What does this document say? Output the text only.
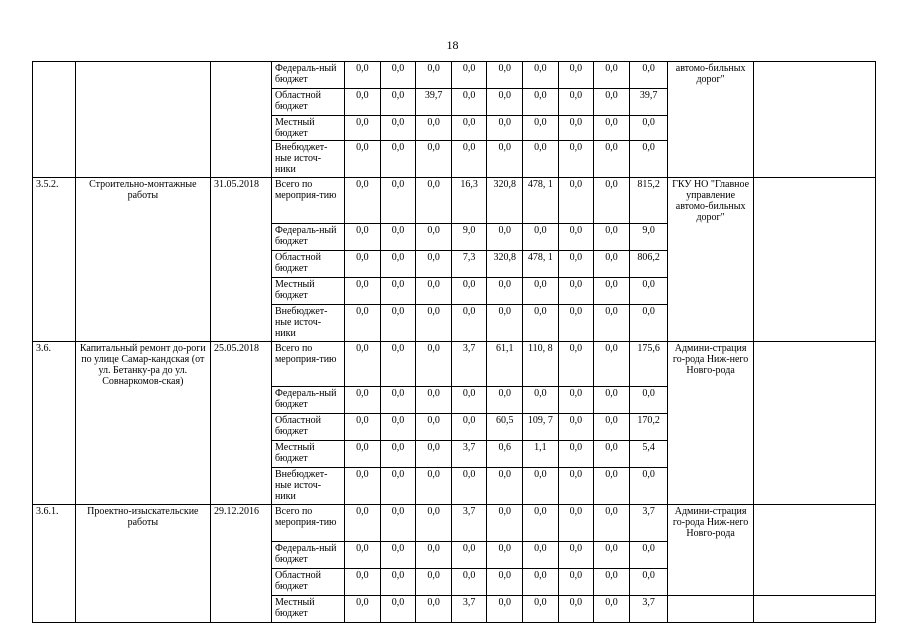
18
			Федераль-ный бюджет	0,0	0,0	0,0	0,0	0,0	0,0	0,0	0,0	0,0	автомо-бильных дорог"	
			Областной бюджет	0,0	0,0	39,7	0,0	0,0	0,0	0,0	0,0	39,7		
			Местный бюджет	0,0	0,0	0,0	0,0	0,0	0,0	0,0	0,0	0,0		
			Внебюджет-ные источ-ники	0,0	0,0	0,0	0,0	0,0	0,0	0,0	0,0	0,0		
3.5.2.	Строительно-монтажные работы	31.05.2018	Всего по мероприя-тию	0,0	0,0	0,0	16,3	320,8	478, 1	0,0	0,0	815,2	ГКУ НО "Главное управление автомо-бильных дорог"	
			Федераль-ный бюджет	0,0	0,0	0,0	9,0	0,0	0,0	0,0	0,0	9,0		
			Областной бюджет	0,0	0,0	0,0	7,3	320,8	478, 1	0,0	0,0	806,2		
			Местный бюджет	0,0	0,0	0,0	0,0	0,0	0,0	0,0	0,0	0,0		
			Внебюджет-ные источ-ники	0,0	0,0	0,0	0,0	0,0	0,0	0,0	0,0	0,0		
3.6.	Капитальный ремонт до-роги по улице Самар-кандская (от ул. Бетанку-ра до ул. Совнаркомов-ская)	25.05.2018	Всего по мероприя-тию	0,0	0,0	0,0	3,7	61,1	110, 8	0,0	0,0	175,6	Админи-страция го-рода Ниж-него Новго-рода	
			Федераль-ный бюджет	0,0	0,0	0,0	0,0	0,0	0,0	0,0	0,0	0,0		
			Областной бюджет	0,0	0,0	0,0	0,0	60,5	109, 7	0,0	0,0	170,2		
			Местный бюджет	0,0	0,0	0,0	3,7	0,6	1,1	0,0	0,0	5,4		
			Внебюджет-ные источ-ники	0,0	0,0	0,0	0,0	0,0	0,0	0,0	0,0	0,0		
3.6.1.	Проектно-изыскательские работы	29.12.2016	Всего по мероприя-тию	0,0	0,0	0,0	3,7	0,0	0,0	0,0	0,0	3,7	Админи-страция го-рода Ниж-него Новго-рода	
			Федераль-ный бюджет	0,0	0,0	0,0	0,0	0,0	0,0	0,0	0,0	0,0		
			Областной бюджет	0,0	0,0	0,0	0,0	0,0	0,0	0,0	0,0	0,0		
			Местный бюджет	0,0	0,0	0,0	3,7	0,0	0,0	0,0	0,0	3,7		
